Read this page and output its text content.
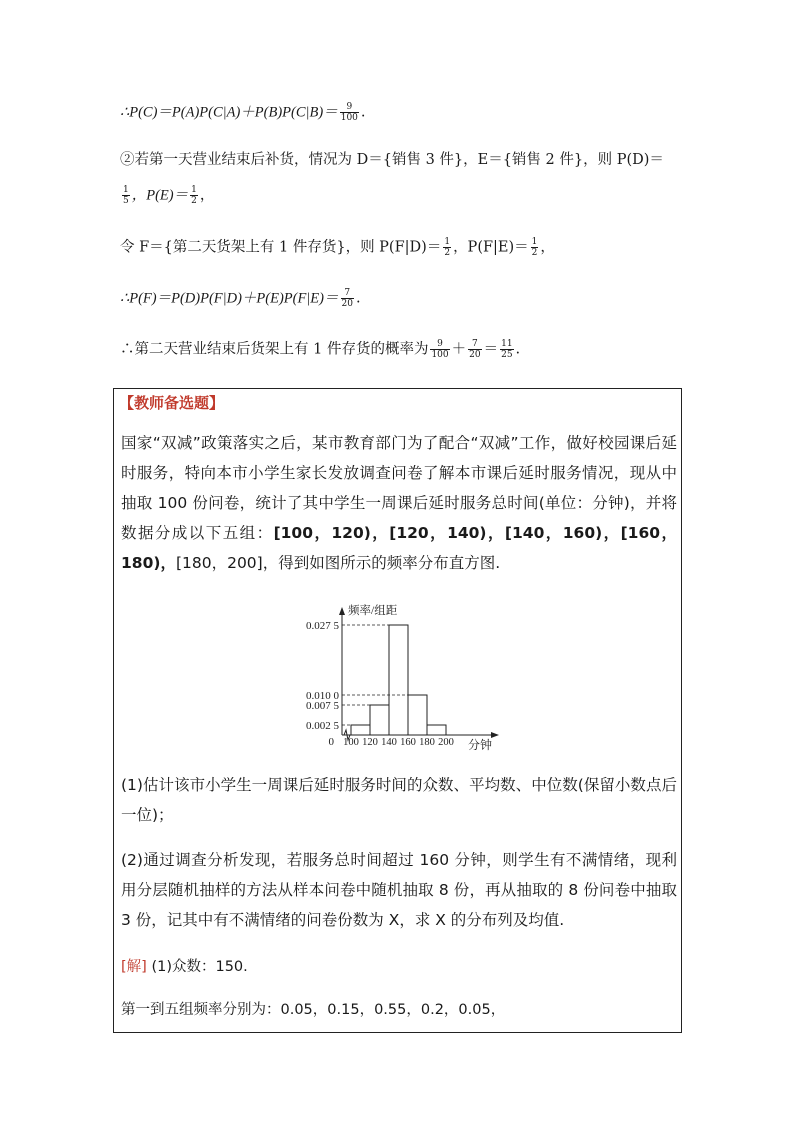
∴P(C)＝P(A)P(C|A)＋P(B)P(C|B)＝ $\frac{9}{100}$ .
②若第一天营业结束后补货，情况为 D＝{销售 3 件}，E＝{销售 2 件}，则 P(D)＝
$\frac{1}{5}$ ，$P(E)= \frac{1}{2}$ ，
令 F＝{第二天货架上有 1 件存货}，则 $P(F|D)= \frac{1}{2}$ ，$P(F|E)= \frac{1}{2}$ ，
∴P(F)＝P(D)P(F|D)＋P(E)P(F|E)＝ $\frac{7}{20}$ .
∴第二天营业结束后货架上有 1 件存货的概率为 $\frac{9}{100} + \frac{7}{20} = \frac{11}{25}$ .
【教师备选题】
国家“双减”政策落实之后，某市教育部门为了配合“双减”工作，做好校园课后延时服务，特向本市小学生家长发放调查问卷了解本市课后延时服务情况，现从中抽取 100 份问卷，统计了其中学生一周课后延时服务总时间(单位：分钟)，并将数据分成以下五组：[100，120)，[120，140)，[140，160)，[160，180)，[180，200]，得到如图所示的频率分布直方图.
0.002 5
0.007 5
0.010 0
0.027 5
100 120 140 160 180 200
0
频率/组距
分钟
(1)估计该市小学生一周课后延时服务时间的众数、平均数、中位数(保留小数点后一位)；
(2)通过调查分析发现，若服务总时间超过 160 分钟，则学生有不满情绪，现利用分层随机抽样的方法从样本问卷中随机抽取 8 份，再从抽取的 8 份问卷中抽取 3 份，记其中有不满情绪的问卷份数为 X，求 X 的分布列及均值.
[解] (1)众数：150.
第一到五组频率分别为：0.05，0.15，0.55，0.2，0.05，
